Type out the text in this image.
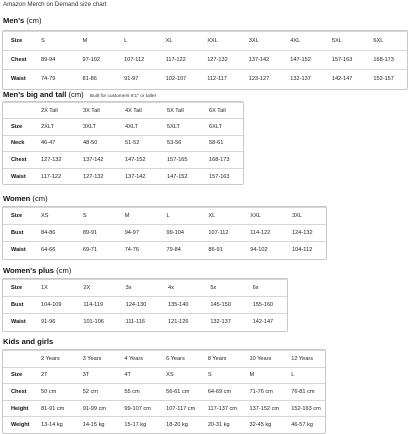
Amazon Merch on Demand size chart
Men's (cm)
Size	S	M	L	XL	XXL	3XL	4XL	5XL	6XL
Chest	89-94	97-102	107-112	117-122	127-132	137-142	147-152	157-163	168-173
Waist	74-79	81-86	91-97	102-107	112-117	123-127	132-137	142-147	152-157
Men's big and tall (cm) Built for customers 6'1" or taller
	2X Tall	3X Tall	4X Tall	5X Tall	6X Tall
Size	2XLT	3XLT	4XLT	5XLT	6XLT
Neck	46-47	48-50	51-52	53-56	58-61
Chest	127-132	137-142	147-152	157-165	168-173
Waist	117-122	127-132	137-142	147-152	157-163
Women (cm)
Size	XS	S	M	L	XL	XXL	3XL
Bust	84-86	89-91	94-97	99-104	107-112	114-122	124-132
Waist	64-66	69-71	74-76	79-84	86-91	94-102	104-112
Women's plus (cm)
Size	1X	2X	3x	4x	5x	6x
Bust	104-109	114-119	124-130	135-140	145-150	155-160
Waist	91-96	101-106	111-116	121-126	132-137	142-147
Kids and girls
	2 Years	3 Years	4 Years	6 Years	8 Years	10 Years	12 Years
Size	2T	3T	4T	XS	S	M	L
Chest	50 cm	52 cm	55 cm	56-61 cm	64-69 cm	71-76 cm	76-81 cm
Height	81-91 cm	91-99 cm	99-107 cm	107-117 cm	117-137 cm	137-152 cm	152-163 cm
Weight	13-14 kg	14-15 kg	15-17 kg	18-20 kg	20-31 kg	32-45 kg	46-57 kg
